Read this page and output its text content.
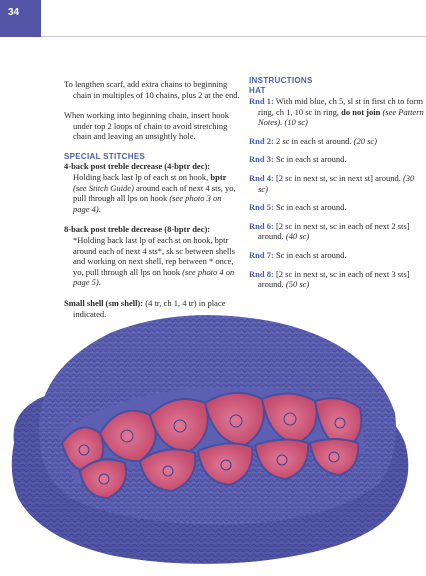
34

To lengthen scarf, add extra chains to beginning chain in multiples of 10 chains, plus 2 at the end.

When working into beginning chain, insert hook under top 2 loops of chain to avoid stretching chain and leaving an unsightly hole.

SPECIAL STITCHES

4-back post treble decrease (4-bptr dec): Holding back last lp of each st on hook, bptr (see Stitch Guide) around each of next 4 sts, yo, pull through all lps on hook (see photo 3 on page 4).

8-back post treble decrease (8-bptr dec): *Holding back last lp of each st on hook, bptr around each of next 4 sts*, sk sc between shells and working on next shell, rep between * once, yo, pull through all lps on hook (see photo 4 on page 5).

Small shell (sm shell): (4 tr, ch 1, 4 tr) in place indicated.

INSTRUCTIONS
HAT

Rnd 1: With mid blue, ch 5, sl st in first ch to form ring, ch 1, 10 sc in ring, do not join (see Pattern Notes). (10 sc)

Rnd 2: 2 sc in each st around. (20 sc)

Rnd 3: Sc in each st around.

Rnd 4: [2 sc in next st, sc in next st] around. (30 sc)

Rnd 5: Sc in each st around.

Rnd 6: [2 sc in next st, sc in each of next 2 sts] around. (40 sc)

Rnd 7: Sc in each st around.

Rnd 8: [2 sc in next st, sc in each of next 3 sts] around. (50 sc)
